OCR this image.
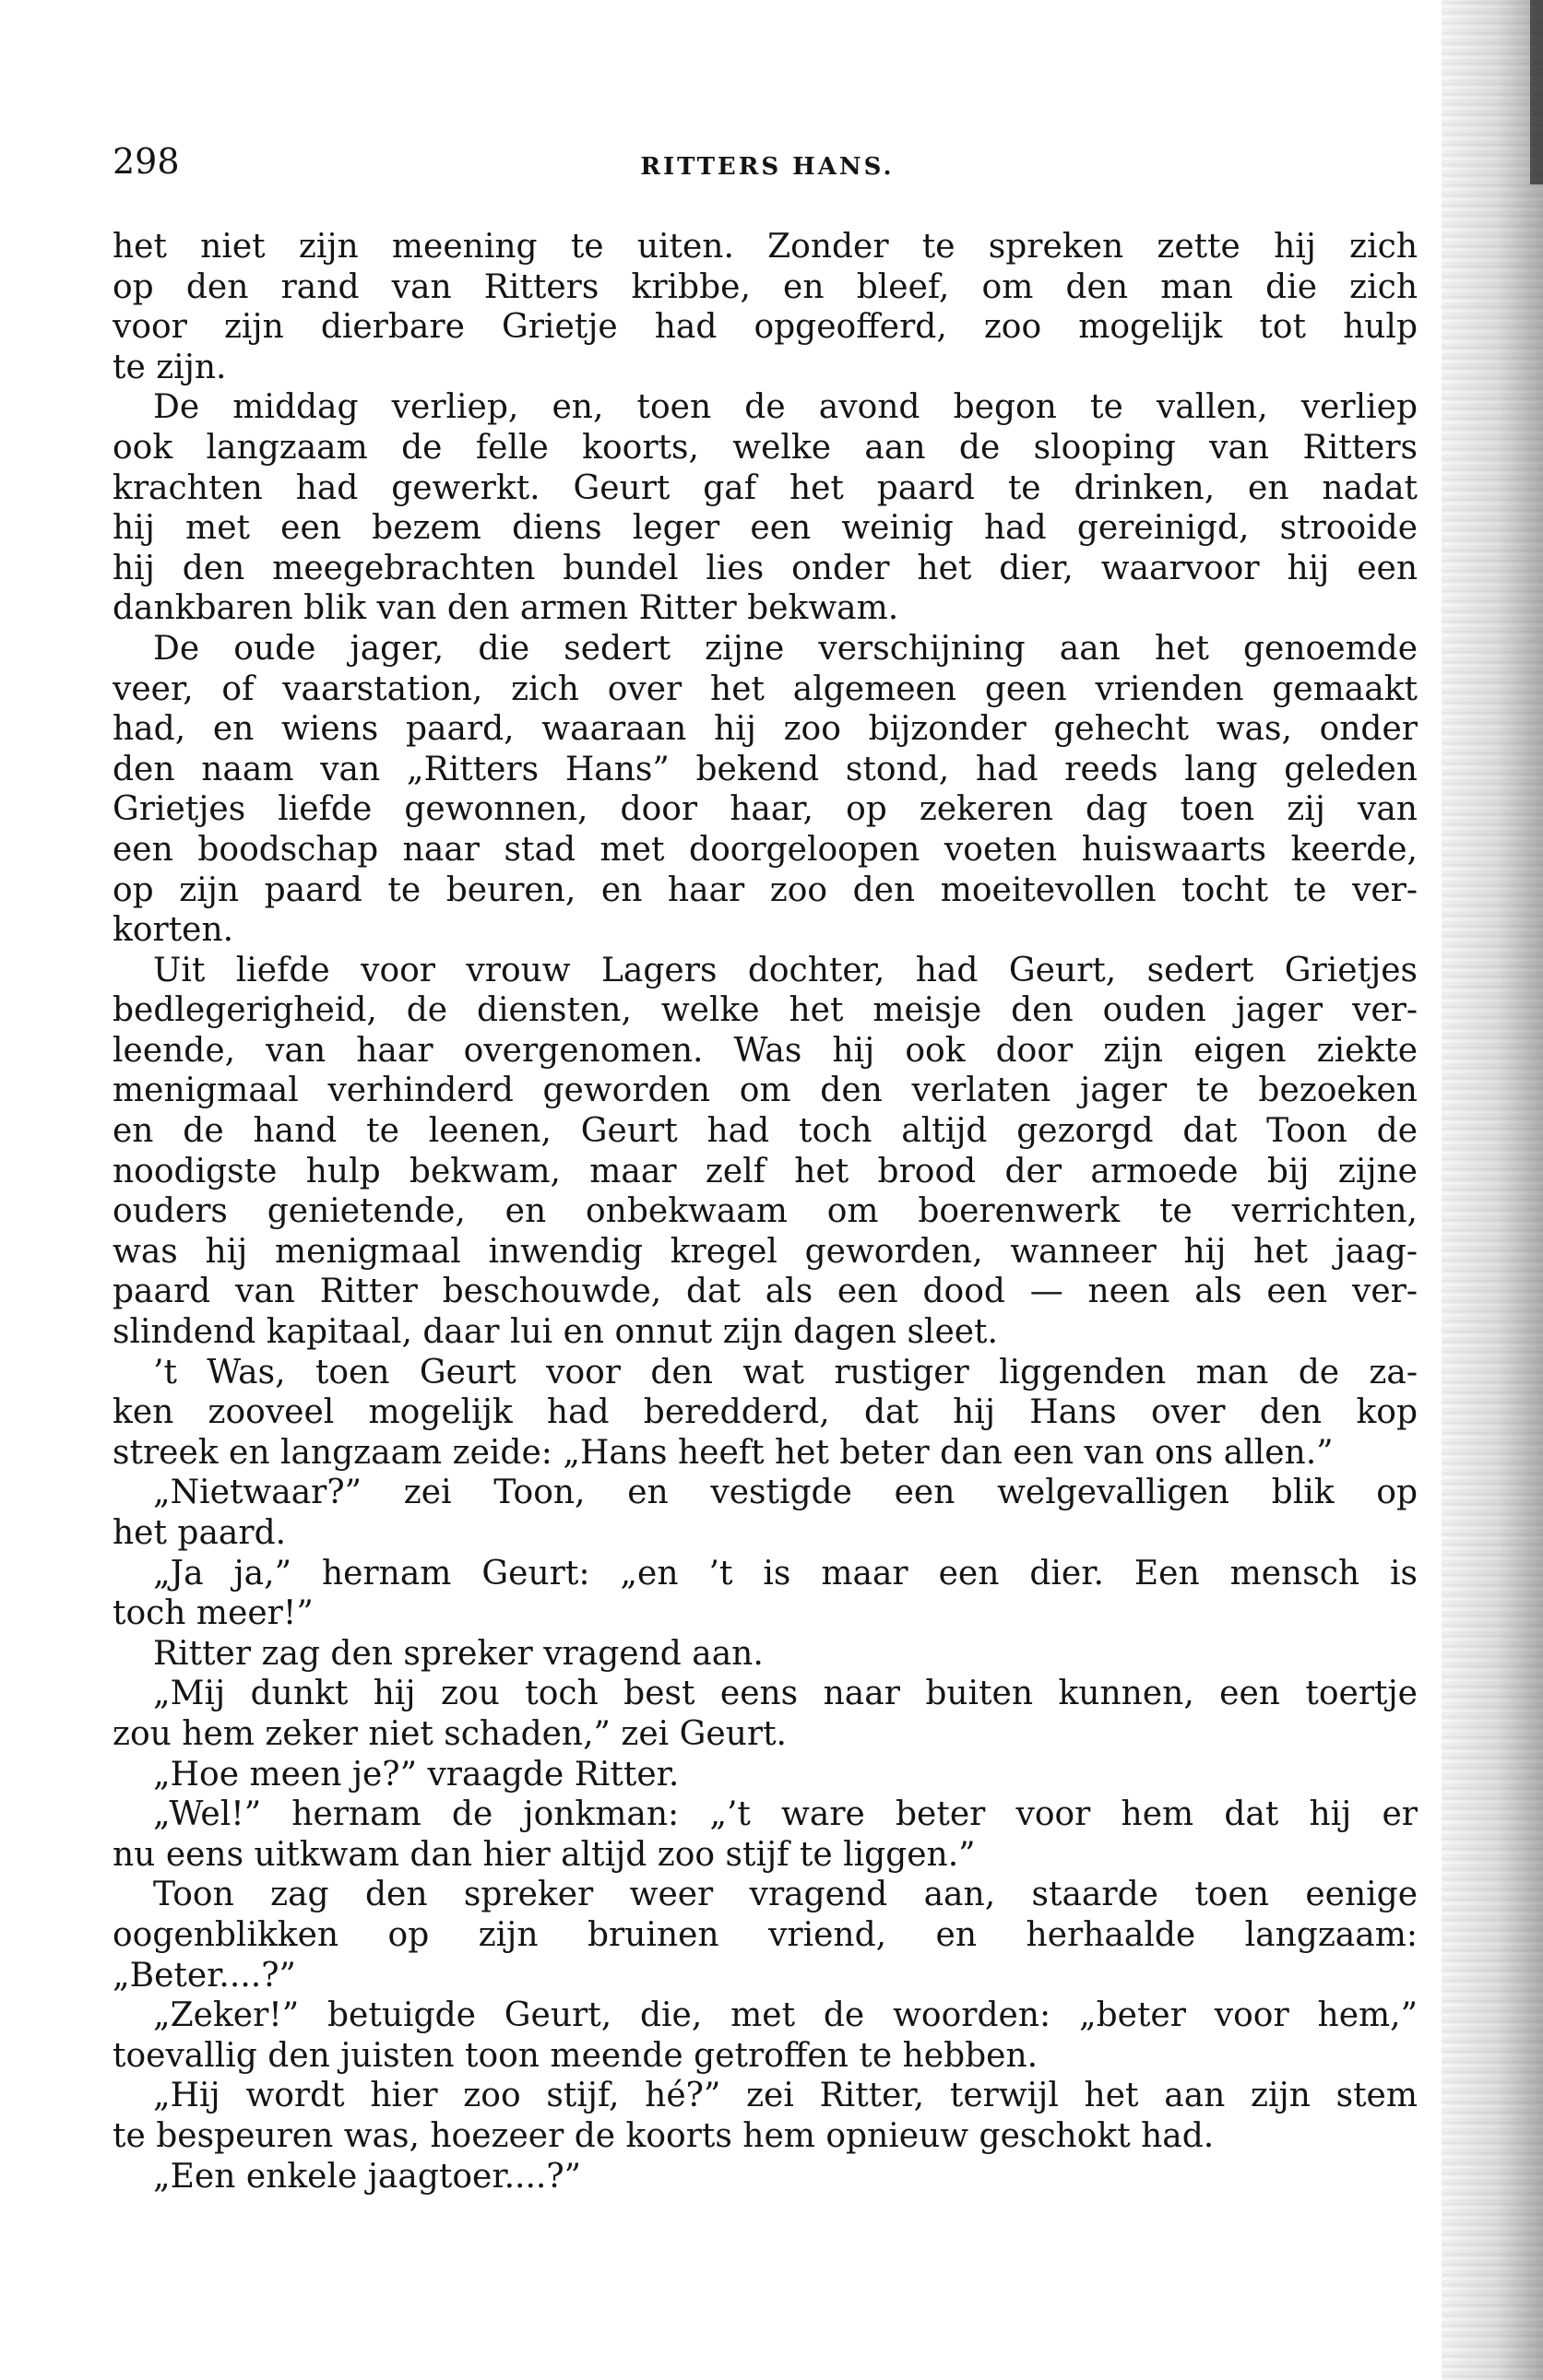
298	RITTERS HANS.
het niet zijn meening te uiten. Zonder te spreken zette hij zich
op den rand van Ritters kribbe, en bleef, om den man die zich
voor zijn dierbare Grietje had opgeofferd, zoo mogelijk tot hulp
te zijn.
De middag verliep, en, toen de avond begon te vallen, verliep
ook langzaam de felle koorts, welke aan de slooping van Ritters
krachten had gewerkt. Geurt gaf het paard te drinken, en nadat
hij met een bezem diens leger een weinig had gereinigd, strooide
hij den meegebrachten bundel lies onder het dier, waarvoor hij een
dankbaren blik van den armen Ritter bekwam.
De oude jager, die sedert zijne verschijning aan het genoemde
veer, of vaarstation, zich over het algemeen geen vrienden gemaakt
had, en wiens paard, waaraan hij zoo bijzonder gehecht was, onder
den naam van „Ritters Hans” bekend stond, had reeds lang geleden
Grietjes liefde gewonnen, door haar, op zekeren dag toen zij van
een boodschap naar stad met doorgeloopen voeten huiswaarts keerde,
op zijn paard te beuren, en haar zoo den moeitevollen tocht te ver-
korten.
Uit liefde voor vrouw Lagers dochter, had Geurt, sedert Grietjes
bedlegerigheid, de diensten, welke het meisje den ouden jager ver-
leende, van haar overgenomen. Was hij ook door zijn eigen ziekte
menigmaal verhinderd geworden om den verlaten jager te bezoeken
en de hand te leenen, Geurt had toch altijd gezorgd dat Toon de
noodigste hulp bekwam, maar zelf het brood der armoede bij zijne
ouders genietende, en onbekwaam om boerenwerk te verrichten,
was hij menigmaal inwendig kregel geworden, wanneer hij het jaag-
paard van Ritter beschouwde, dat als een dood — neen als een ver-
slindend kapitaal, daar lui en onnut zijn dagen sleet.
’t Was, toen Geurt voor den wat rustiger liggenden man de za-
ken zooveel mogelijk had beredderd, dat hij Hans over den kop
streek en langzaam zeide: „Hans heeft het beter dan een van ons allen.”
„Nietwaar?” zei Toon, en vestigde een welgevalligen blik op
het paard.
„Ja ja,” hernam Geurt: „en ’t is maar een dier. Een mensch is
toch meer!”
Ritter zag den spreker vragend aan.
„Mij dunkt hij zou toch best eens naar buiten kunnen, een toertje
zou hem zeker niet schaden,” zei Geurt.
„Hoe meen je?” vraagde Ritter.
„Wel!” hernam de jonkman: „’t ware beter voor hem dat hij er
nu eens uitkwam dan hier altijd zoo stijf te liggen.”
Toon zag den spreker weer vragend aan, staarde toen eenige
oogenblikken op zijn bruinen vriend, en herhaalde langzaam:
„Beter....?”
„Zeker!” betuigde Geurt, die, met de woorden: „beter voor hem,”
toevallig den juisten toon meende getroffen te hebben.
„Hij wordt hier zoo stijf, hé?” zei Ritter, terwijl het aan zijn stem
te bespeuren was, hoezeer de koorts hem opnieuw geschokt had.
„Een enkele jaagtoer....?”
